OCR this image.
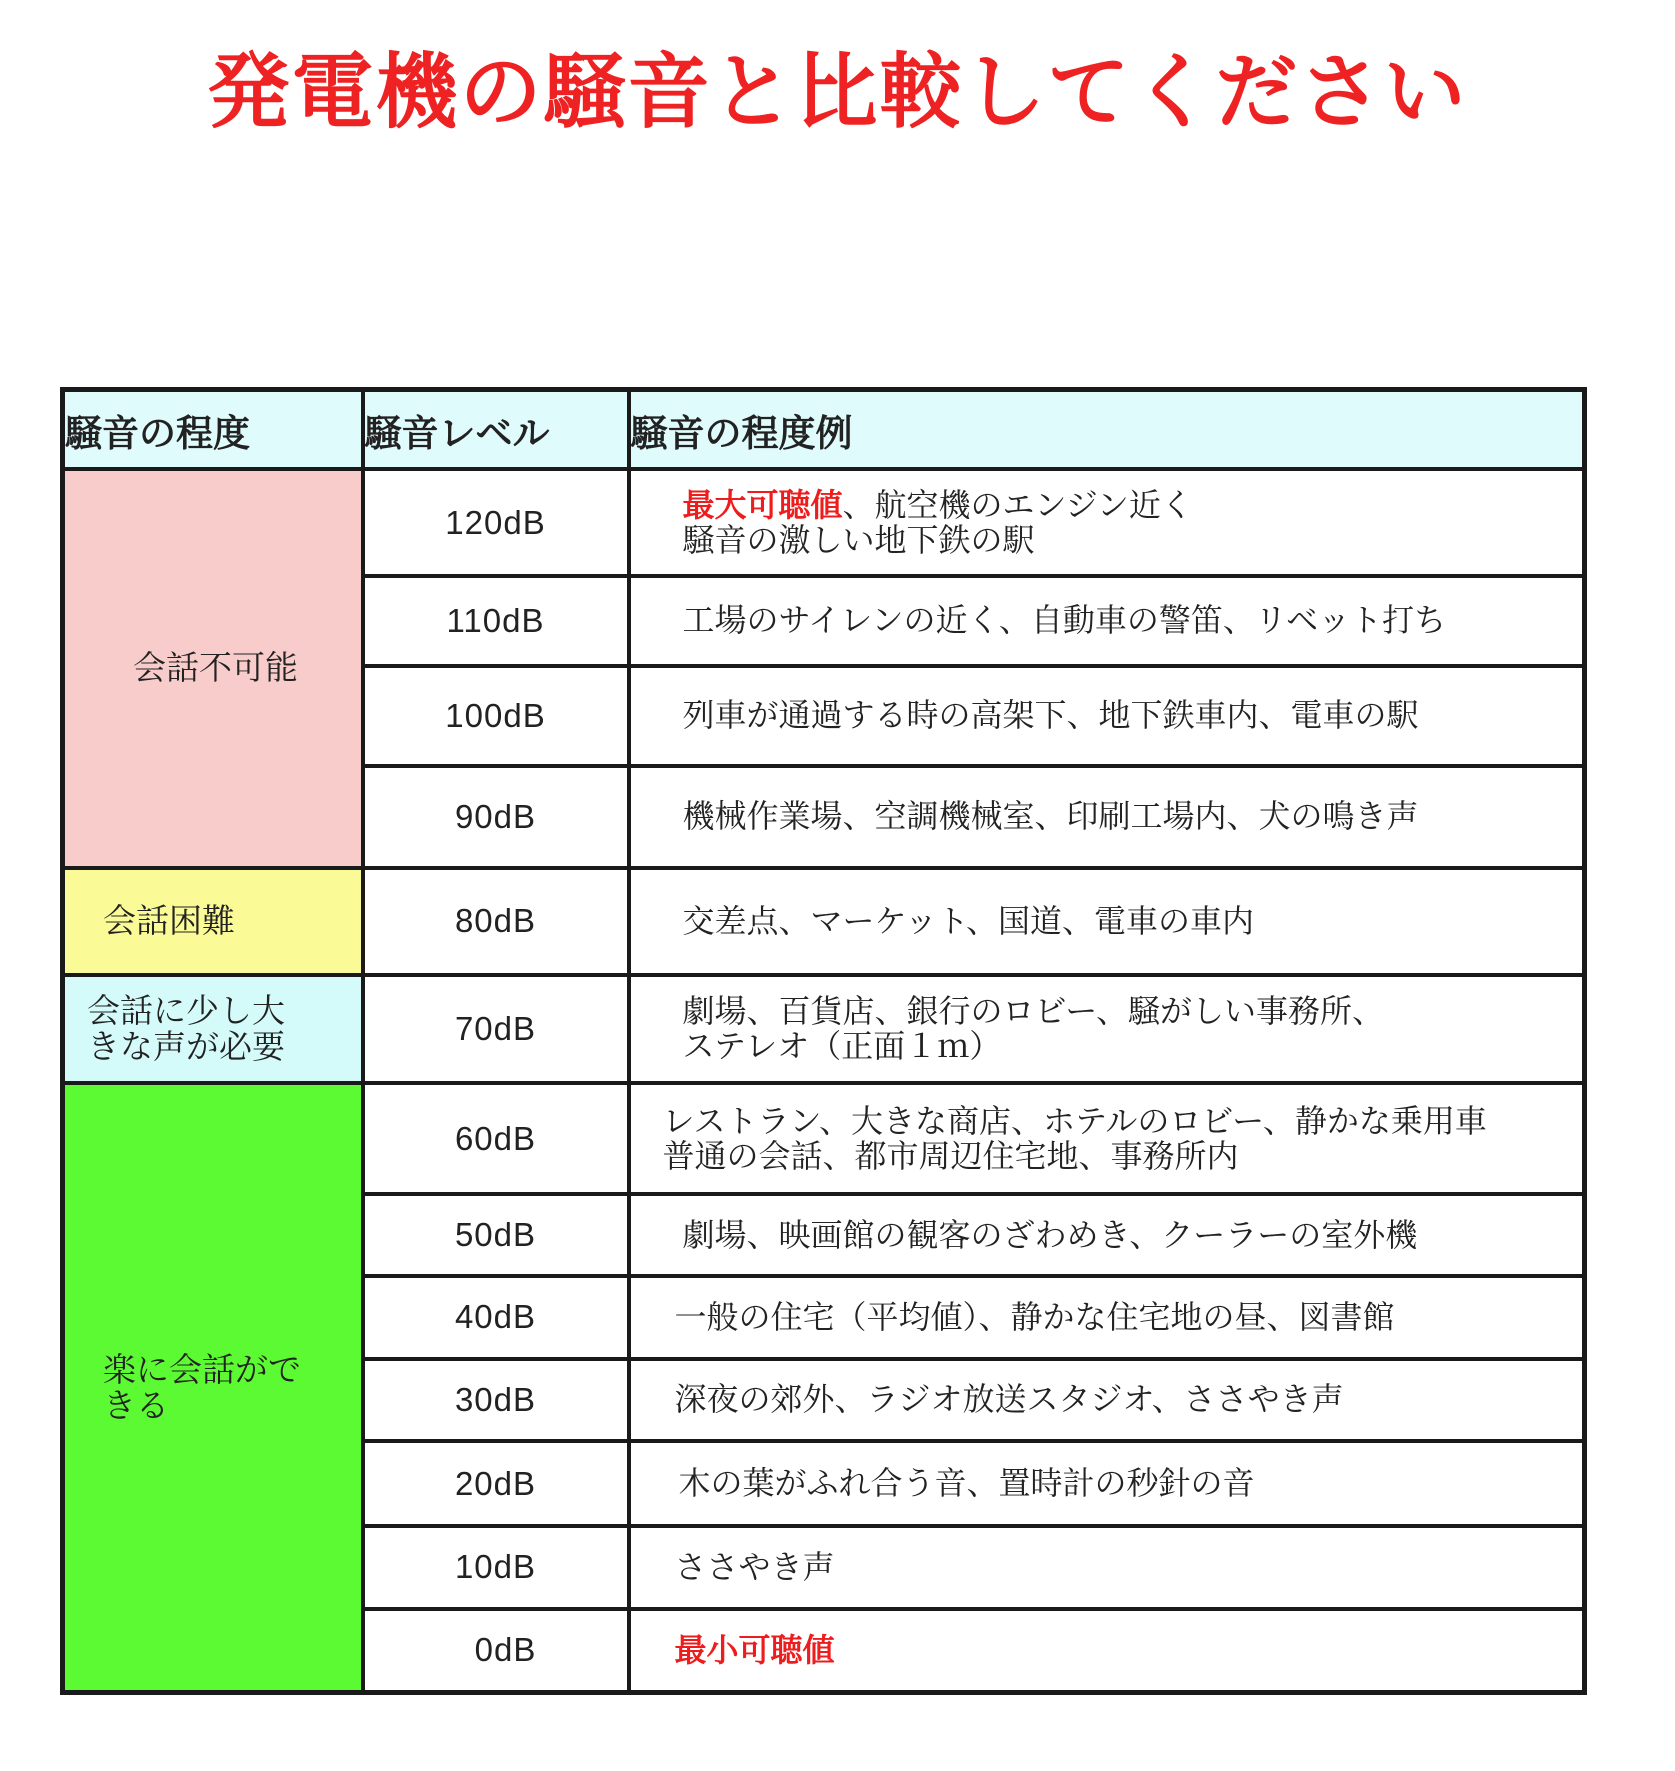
発電機の騒音と比較してください
騒音の程度	騒音レベル	騒音の程度例
会話不可能	120dB	最大可聴値、航空機のエンジン近く
騒音の激しい地下鉄の駅

	110dB	工場のサイレンの近く、自動車の警笛、リベット打ち
	100dB	列車が通過する時の高架下、地下鉄車内、電車の駅
	90dB	機械作業場、空調機械室、印刷工場内、犬の鳴き声
会話困難	80dB	交差点、マーケット、国道、電車の車内

会話に少し大きな声が必要	70dB	劇場、百貨店、銀行のロビー、騒がしい事務所、
ステレオ（正面１ｍ）

楽に会話ができる	60dB	レストラン、大きな商店、ホテルのロビー、静かな乗用車
普通の会話、都市周辺住宅地、事務所内

	50dB	劇場、映画館の観客のざわめき、クーラーの室外機
	40dB	一般の住宅（平均値）、静かな住宅地の昼、図書館
	30dB	深夜の郊外、ラジオ放送スタジオ、ささやき声
	20dB	木の葉がふれ合う音、置時計の秒針の音
	10dB	ささやき声
	0dB	最小可聴値
